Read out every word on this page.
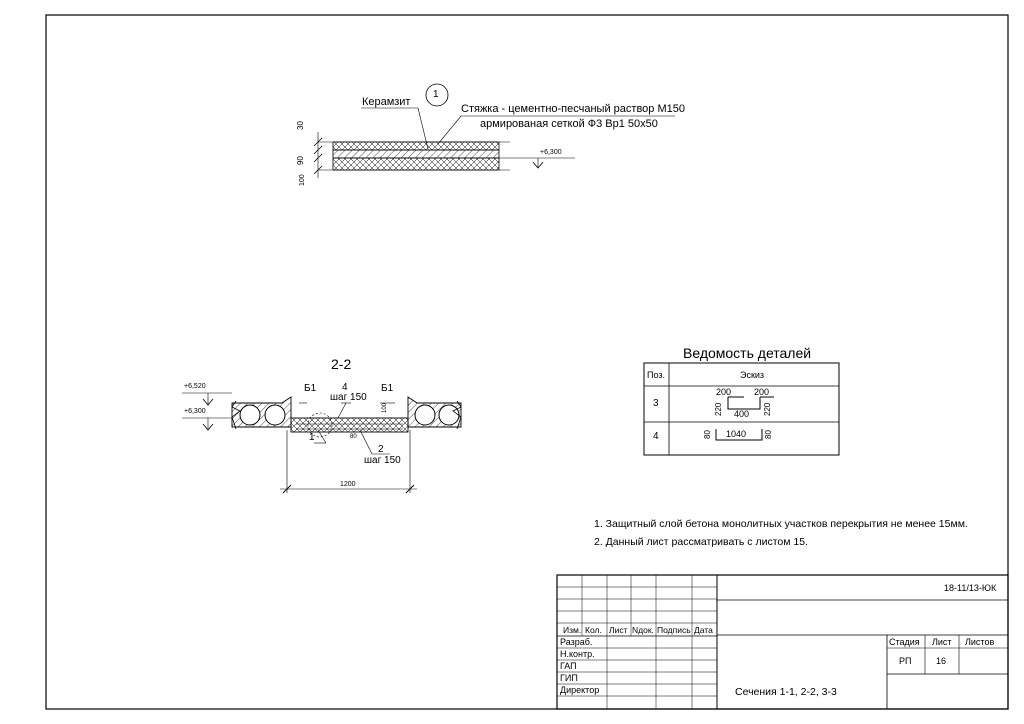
1
Керамзит
Стяжка - цементно-песчаный раствор М150
армированая сеткой Ф3 Вр1 50х50
30
90
100
+6,300
2-2
+6,520
+6,300
Б1	4
шаг 150
Б1
100
80
1
2
шаг 150
1200
Ведомость деталей
Поз.	Эскиз
3
200	200
220	220
400
4	80 1040 80
1. Защитный слой бетона монолитных участков перекрытия не менее 15мм.
2. Данный лист рассматривать с листом 15.
18-11/13-ЮК
Изм. Кол. Лист Nдок. Подпись Дата
Разраб.
Н.контр.
ГАП
ГИП
Директор
Стадия Лист Листов
РП	16
Сечения 1-1, 2-2, 3-3
